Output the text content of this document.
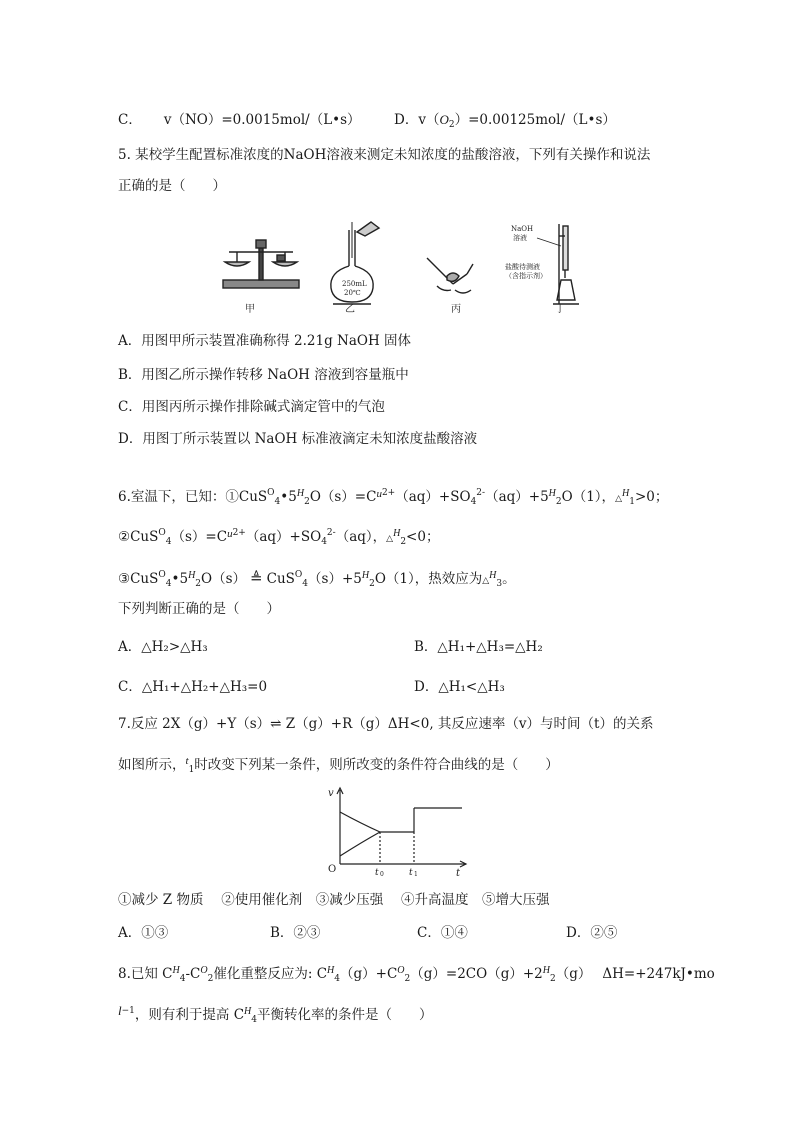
C． v（NO）=0.0015mol/（L•s） D．$v(O_2)=0.00125mol/(L•s)$
5. 某校学生配置标准浓度的NaOH溶液来测定未知浓度的盐酸溶液，下列有关操作和说法
正确的是（　　）
250mL
20℃
NaOH
溶液
盐酸待测液
（含指示剂）
甲	乙	丙	丁
A．用图甲所示装置准确称得 2.21g NaOH 固体
B．用图乙所示操作转移 NaOH 溶液到容量瓶中
C．用图丙所示操作排除碱式滴定管中的气泡
D．用图丁所示装置以 NaOH 标准液滴定未知浓度盐酸溶液
6.室温下，已知：$①CuS^O_4•5^H_2O(s)=C^{u2+}(aq)+SO_4^{2-}(aq)+5^H_2O(1)$，△$^H_1$>0；
$②CuS^O_4(s)=C^{u2+}(aq)+SO_4^{2-}(aq)$，△$^H_2$<0；
$③CuS^O_4•5^H_2O(s)$ ≜ $CuS^O_4(s)+5^H_2O(1)$，热效应为△$^H_3$。
下列判断正确的是（　　）
A．△H₂>△H₃	B．△H₁+△H₃=△H₂
C．△H₁+△H₂+△H₃=0	D．△H₁<△H₃
7.反应 2X（g）+Y（s）⇌ Z（g）+R（g）ΔH<0, 其反应速率（v）与时间（t）的关系
如图所示，$^t_1$时改变下列某一条件，则所改变的条件符合曲线的是（　　）
v
O	t
t 0	t 1
①减少 Z 物质　 ②使用催化剂　③减少压强　 ④升高温度　⑤增大压强
A．①③	B．②③	C．①④	D．②⑤
8.已知 $C^H_4-C^O_2$催化重整反应为: $C^H_4(g)+C^O_2(g)=2CO(g)+2^H_2(g)$　 ΔH=+247kJ•mo
$l^{-1}$，则有利于提高 $C^H_4$平衡转化率的条件是（　　）
